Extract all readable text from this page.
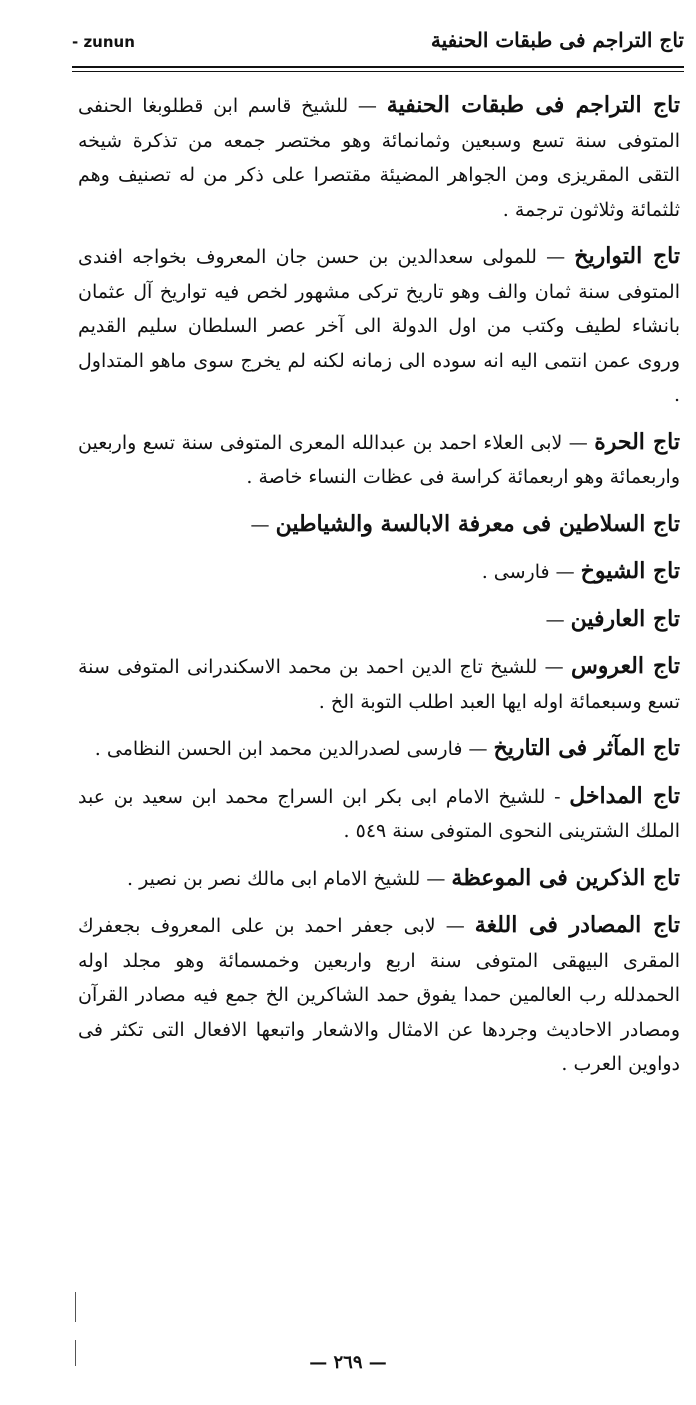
- zunun	تاج التراجم فى طبقات الحنفية

تاج التراجم فى طبقات الحنفية — للشيخ قاسم ابن قطلوبغا الحنفى المتوفى سنة تسع وسبعين وثمانمائة وهو مختصر جمعه من تذكرة شيخه التقى المقريزى ومن الجواهر المضيئة مقتصرا على ذكر من له تصنيف وهم ثلثمائة وثلاثون ترجمة .

تاج التواريخ — للمولى سعدالدين بن حسن جان المعروف بخواجه افندى المتوفى سنة ثمان والف وهو تاريخ تركى مشهور لخص فيه تواريخ آل عثمان بانشاء لطيف وكتب من اول الدولة الى آخر عصر السلطان سليم القديم وروى عمن انتمى اليه انه سوده الى زمانه لكنه لم يخرج سوى ماهو المتداول .

تاج الحرة — لابى العلاء احمد بن عبدالله المعرى المتوفى سنة تسع واربعين واربعمائة وهو اربعمائة كراسة فى عظات النساء خاصة .

تاج السلاطين فى معرفة الابالسة والشياطين —

تاج الشيوخ — فارسى .

تاج العارفين —

تاج العروس — للشيخ تاج الدين احمد بن محمد الاسكندرانى المتوفى سنة تسع وسبعمائة اوله ايها العبد اطلب التوبة الخ .

تاج المآثر فى التاريخ — فارسى لصدرالدين محمد ابن الحسن النظامى .

تاج المداخل - للشيخ الامام ابى بكر ابن السراج محمد ابن سعيد بن عبد الملك الشترينى النحوى المتوفى سنة ٥٤٩ .

تاج الذكرين فى الموعظة — للشيخ الامام ابى مالك نصر بن نصير .

تاج المصادر فى اللغة — لابى جعفر احمد بن على المعروف بجعفرك المقرى البيهقى المتوفى سنة اربع واربعين وخمسمائة وهو مجلد اوله الحمدلله رب العالمين حمدا يفوق حمد الشاكرين الخ جمع فيه مصادر القرآن ومصادر الاحاديث وجردها عن الامثال والاشعار واتبعها الافعال التى تكثر فى دواوين العرب .

— ٢٦٩ —
